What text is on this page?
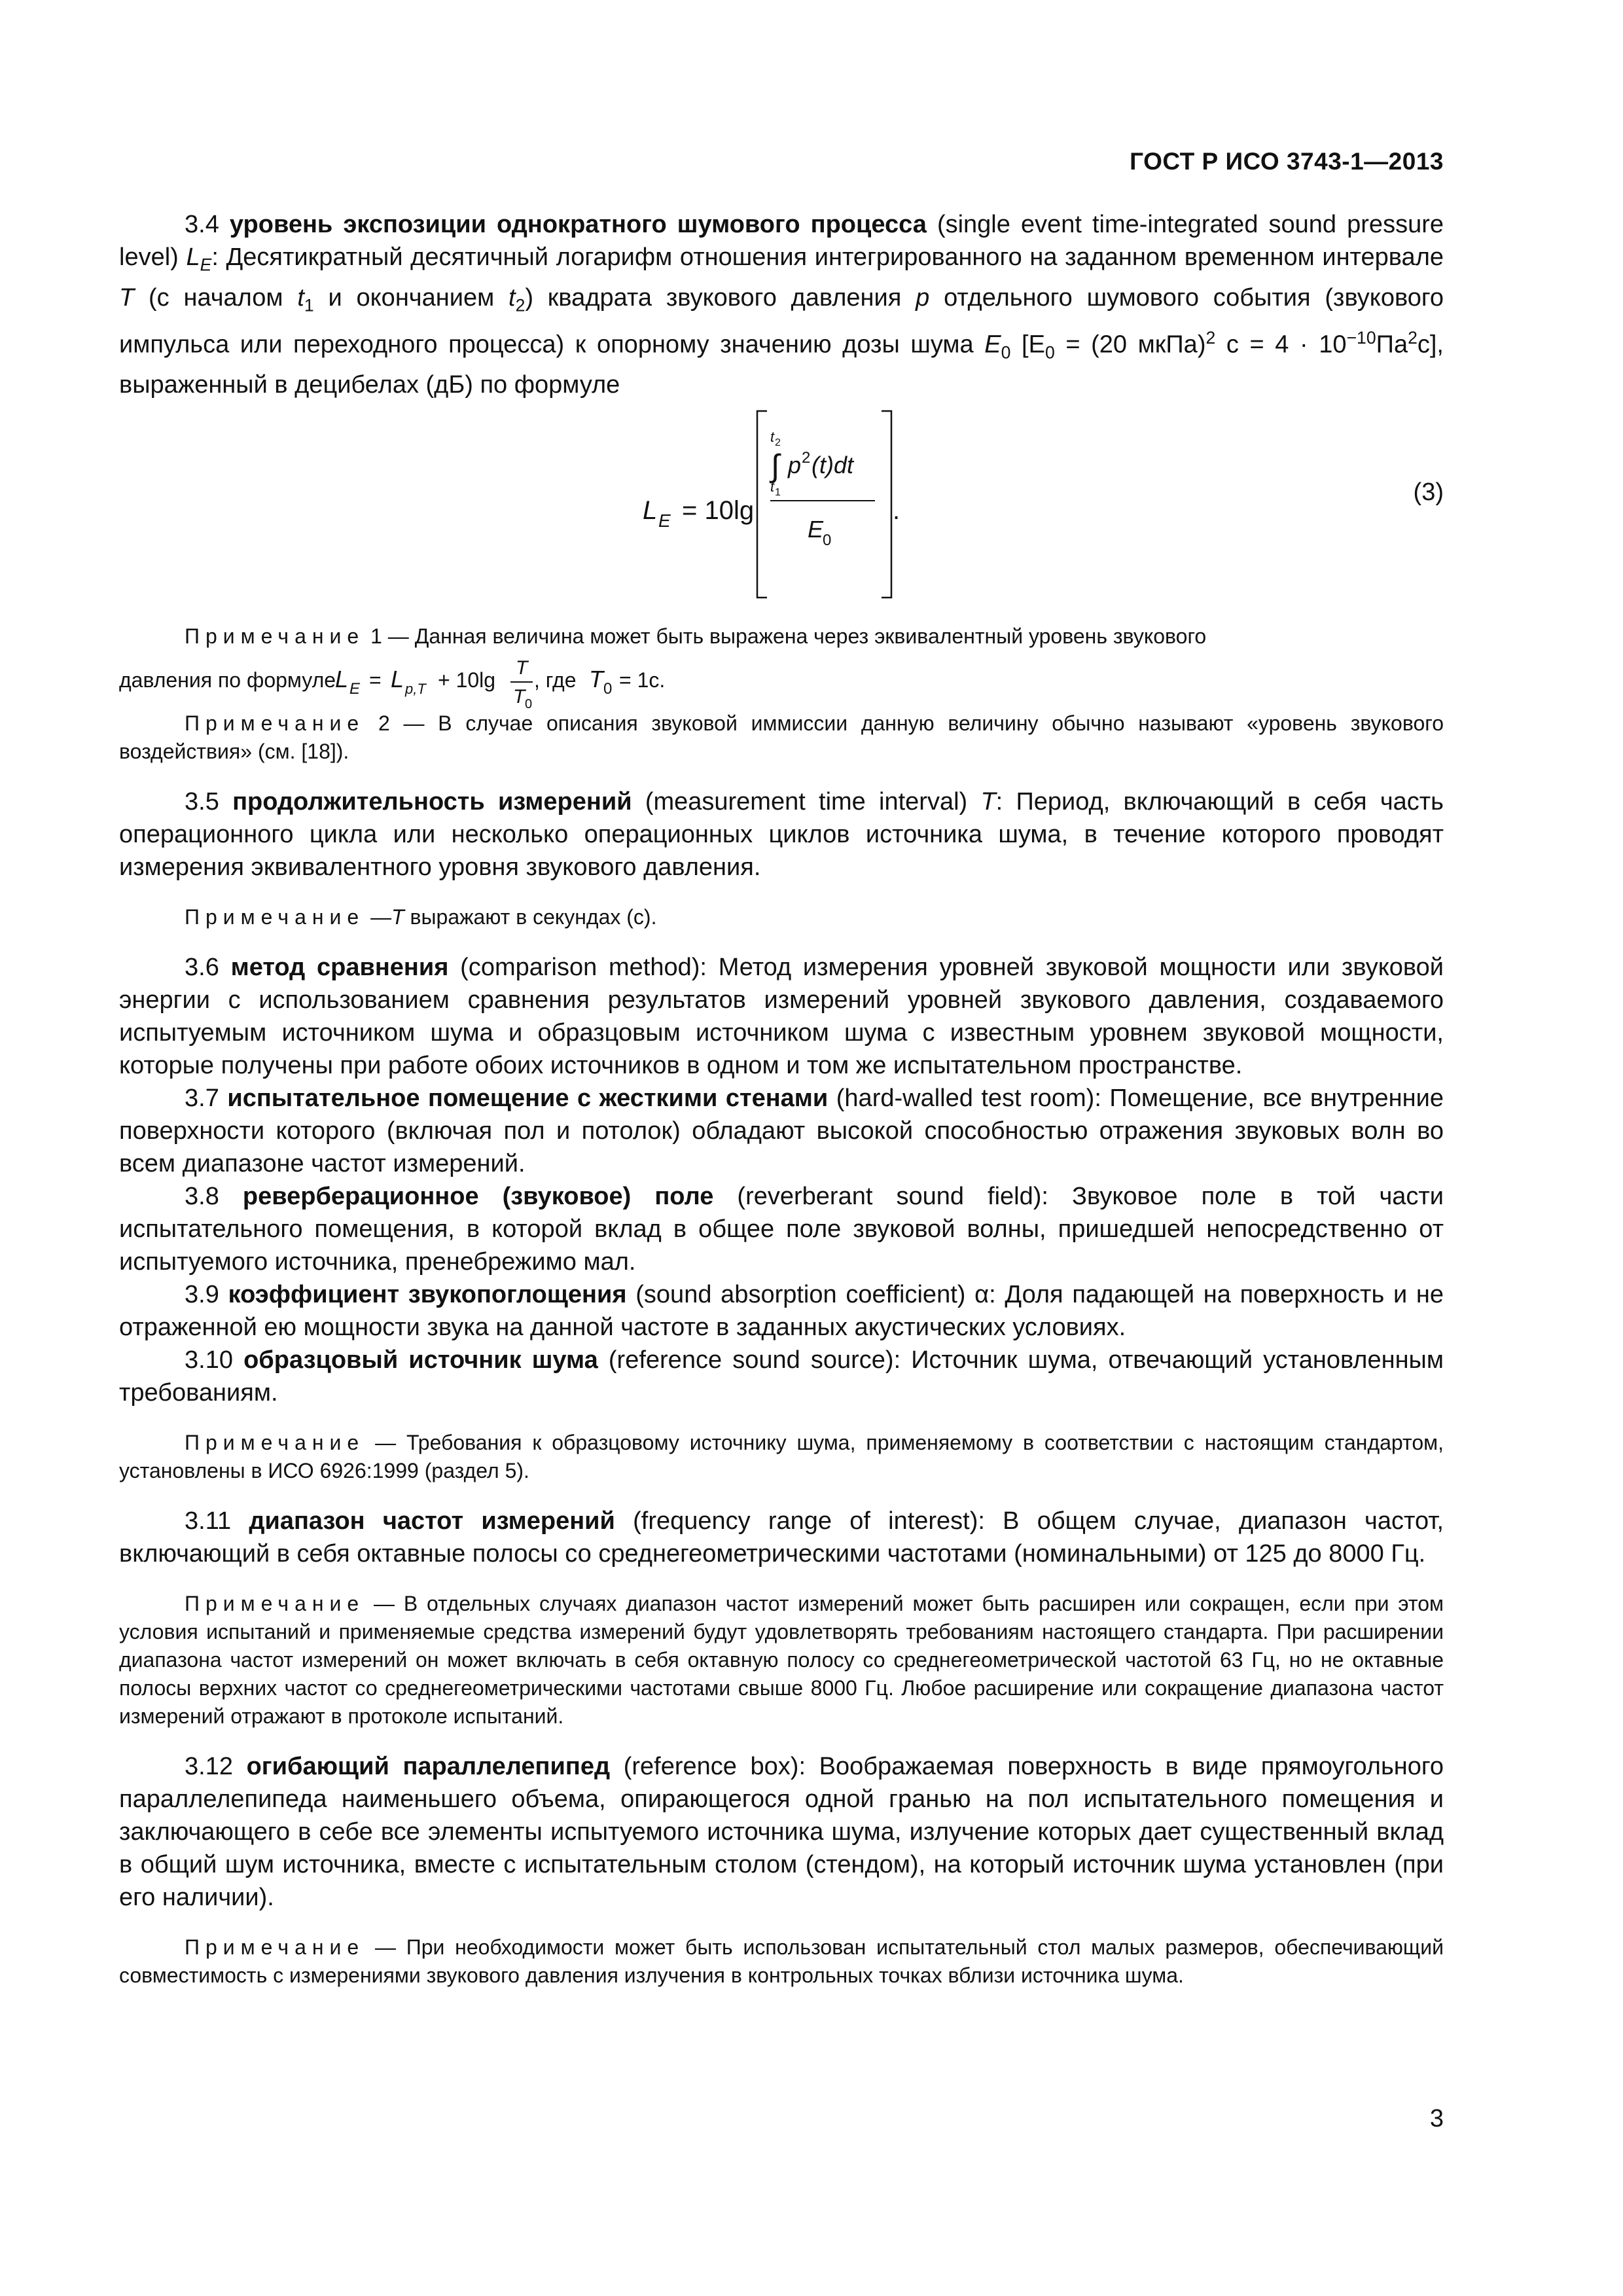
ГОСТ Р ИСО 3743-1—2013

3.4 уровень экспозиции однократного шумового процесса (single event time-integrated sound pressure level) $L_E$: Десятикратный десятичный логарифм отношения интегрированного на заданном временном интервале T (с началом $t_1$ и окончанием $t_2$) квадрата звукового давления p отдельного шумового события (звукового импульса или переходного процесса) к опорному значению дозы шума $E_0$ [$E_0 = (20$ мкПа)$^2$ $с = 4 \cdot 10^{-10}Па^2с$], выраженный в децибелах (дБ) по формуле

L E = 10lg
t 2
∫
t 1
p 2 (t)dt
E
0
.
(3)

Примечание 1 — Данная величина может быть выражена через эквивалентный уровень звукового

давления по формуле
L E = L p,T + 10lg
T
T 0
, где T 0 = 1с.

Примечание 2 — В случае описания звуковой иммиссии данную величину обычно называют «уровень звукового воздействия» (см. [18]).

3.5 продолжительность измерений (measurement time interval) T: Период, включающий в себя часть операционного цикла или несколько операционных циклов источника шума, в течение которого проводят измерения эквивалентного уровня звукового давления.

Примечание —T выражают в секундах (с).

3.6 метод сравнения (comparison method): Метод измерения уровней звуковой мощности или звуковой энергии с использованием сравнения результатов измерений уровней звукового давления, создаваемого испытуемым источником шума и образцовым источником шума с известным уровнем звуковой мощности, которые получены при работе обоих источников в одном и том же испытательном пространстве.

3.7 испытательное помещение с жесткими стенами (hard-walled test room): Помещение, все внутренние поверхности которого (включая пол и потолок) обладают высокой способностью отражения звуковых волн во всем диапазоне частот измерений.

3.8 реверберационное (звуковое) поле (reverberant sound field): Звуковое поле в той части испытательного помещения, в которой вклад в общее поле звуковой волны, пришедшей непосредственно от испытуемого источника, пренебрежимо мал.

3.9 коэффициент звукопоглощения (sound absorption coefficient) α: Доля падающей на поверхность и не отраженной ею мощности звука на данной частоте в заданных акустических условиях.

3.10 образцовый источник шума (reference sound source): Источник шума, отвечающий установленным требованиям.

Примечание — Требования к образцовому источнику шума, применяемому в соответствии с настоящим стандартом, установлены в ИСО 6926:1999 (раздел 5).

3.11 диапазон частот измерений (frequency range of interest): В общем случае, диапазон частот, включающий в себя октавные полосы со среднегеометрическими частотами (номинальными) от 125 до 8000 Гц.

Примечание — В отдельных случаях диапазон частот измерений может быть расширен или сокращен, если при этом условия испытаний и применяемые средства измерений будут удовлетворять требованиям настоящего стандарта. При расширении диапазона частот измерений он может включать в себя октавную полосу со среднегеометрической частотой 63 Гц, но не октавные полосы верхних частот со среднегеометрическими частотами свыше 8000 Гц. Любое расширение или сокращение диапазона частот измерений отражают в протоколе испытаний.

3.12 огибающий параллелепипед (reference box): Воображаемая поверхность в виде прямоугольного параллелепипеда наименьшего объема, опирающегося одной гранью на пол испытательного помещения и заключающего в себе все элементы испытуемого источника шума, излучение которых дает существенный вклад в общий шум источника, вместе с испытательным столом (стендом), на который источник шума установлен (при его наличии).

Примечание — При необходимости может быть использован испытательный стол малых размеров, обеспечивающий совместимость с измерениями звукового давления излучения в контрольных точках вблизи источника шума.

3
